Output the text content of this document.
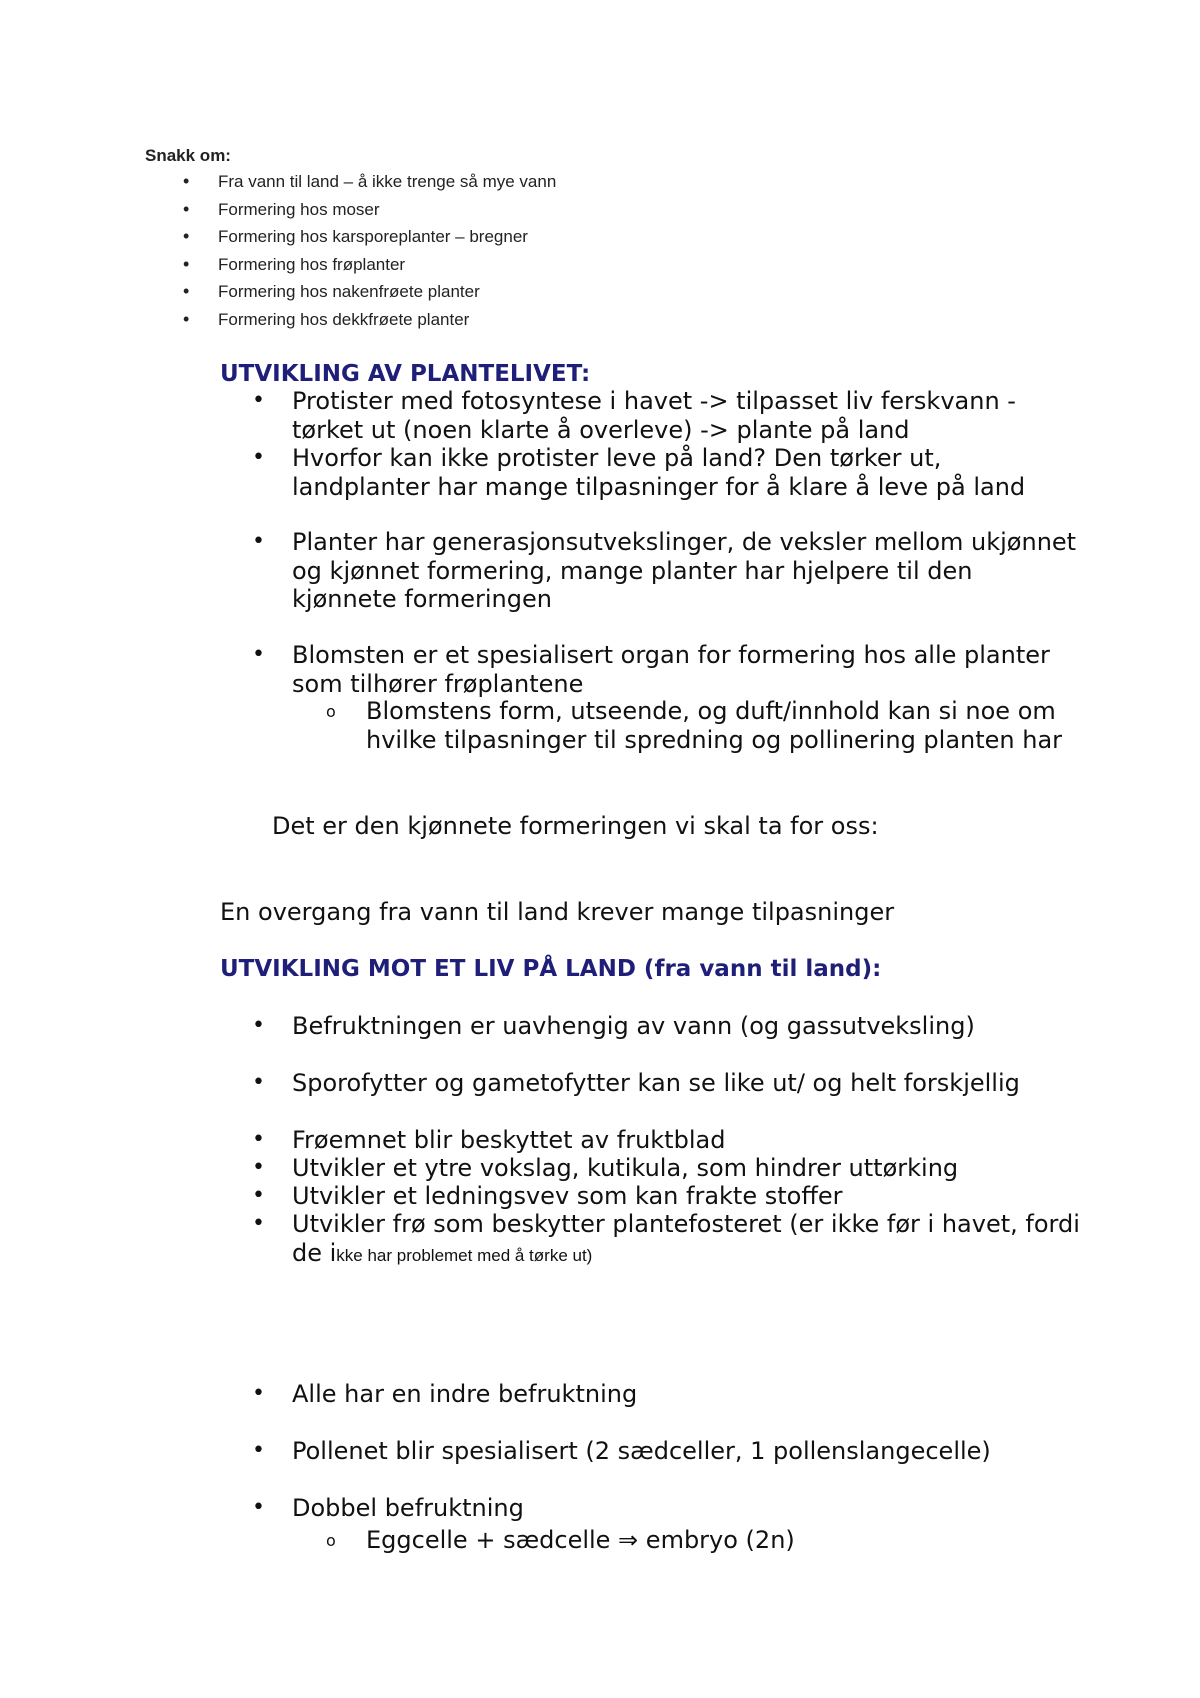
Snakk om:
• Fra vann til land – å ikke trenge så mye vann
• Formering hos moser
• Formering hos karsporeplanter – bregner
• Formering hos frøplanter
• Formering hos nakenfrøete planter
• Formering hos dekkfrøete planter
UTVIKLING AV PLANTELIVET:
• Protister med fotosyntese i havet -> tilpasset liv ferskvann - tørket ut (noen klarte å overleve) -> plante på land
• Hvorfor kan ikke protister leve på land? Den tørker ut, landplanter har mange tilpasninger for å klare å leve på land
• Planter har generasjonsutvekslinger, de veksler mellom ukjønnet og kjønnet formering, mange planter har hjelpere til den kjønnete formeringen
• Blomsten er et spesialisert organ for formering hos alle planter som tilhører frøplantene
o Blomstens form, utseende, og duft/innhold kan si noe om hvilke tilpasninger til spredning og pollinering planten har
Det er den kjønnete formeringen vi skal ta for oss:
En overgang fra vann til land krever mange tilpasninger
UTVIKLING MOT ET LIV PÅ LAND (fra vann til land):
• Befruktningen er uavhengig av vann (og gassutveksling)
• Sporofytter og gametofytter kan se like ut/ og helt forskjellig
• Frøemnet blir beskyttet av fruktblad
• Utvikler et ytre vokslag, kutikula, som hindrer uttørking
• Utvikler et ledningsvev som kan frakte stoffer
• Utvikler frø som beskytter plantefosteret (er ikke før i havet, fordi de ikke har problemet med å tørke ut)
• Alle har en indre befruktning
• Pollenet blir spesialisert (2 sædceller, 1 pollenslangecelle)
• Dobbel befruktning
o Eggcelle + sædcelle ⇒ embryo (2n)
